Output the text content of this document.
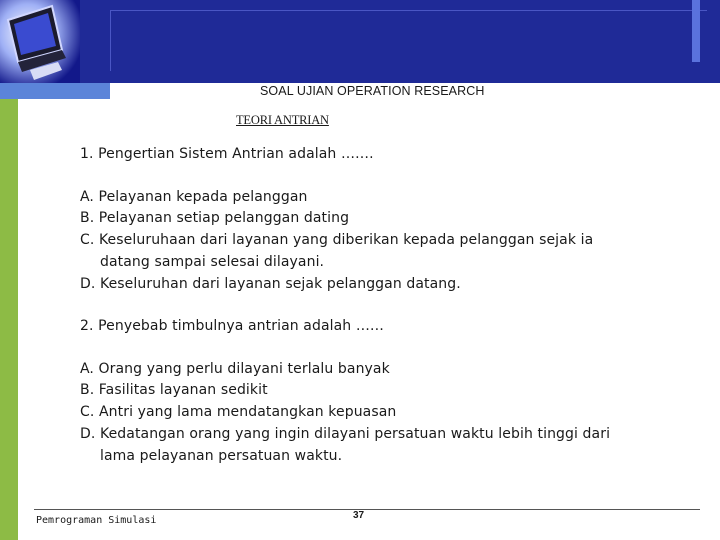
SOAL UJIAN OPERATION RESEARCH
TEORI ANTRIAN
1. Pengertian Sistem Antrian adalah …….
A. Pelayanan kepada pelanggan
B. Pelayanan setiap pelanggan dating
C. Keseluruhaan dari layanan yang diberikan kepada pelanggan sejak ia
datang sampai selesai dilayani.
D. Keseluruhan dari layanan sejak pelanggan datang.
2. Penyebab timbulnya antrian adalah ……
A. Orang yang perlu dilayani terlalu banyak
B. Fasilitas layanan sedikit
C. Antri yang lama mendatangkan kepuasan
D. Kedatangan orang yang ingin dilayani persatuan waktu lebih tinggi dari
lama pelayanan persatuan waktu.
Pemrograman Simulasi	37
